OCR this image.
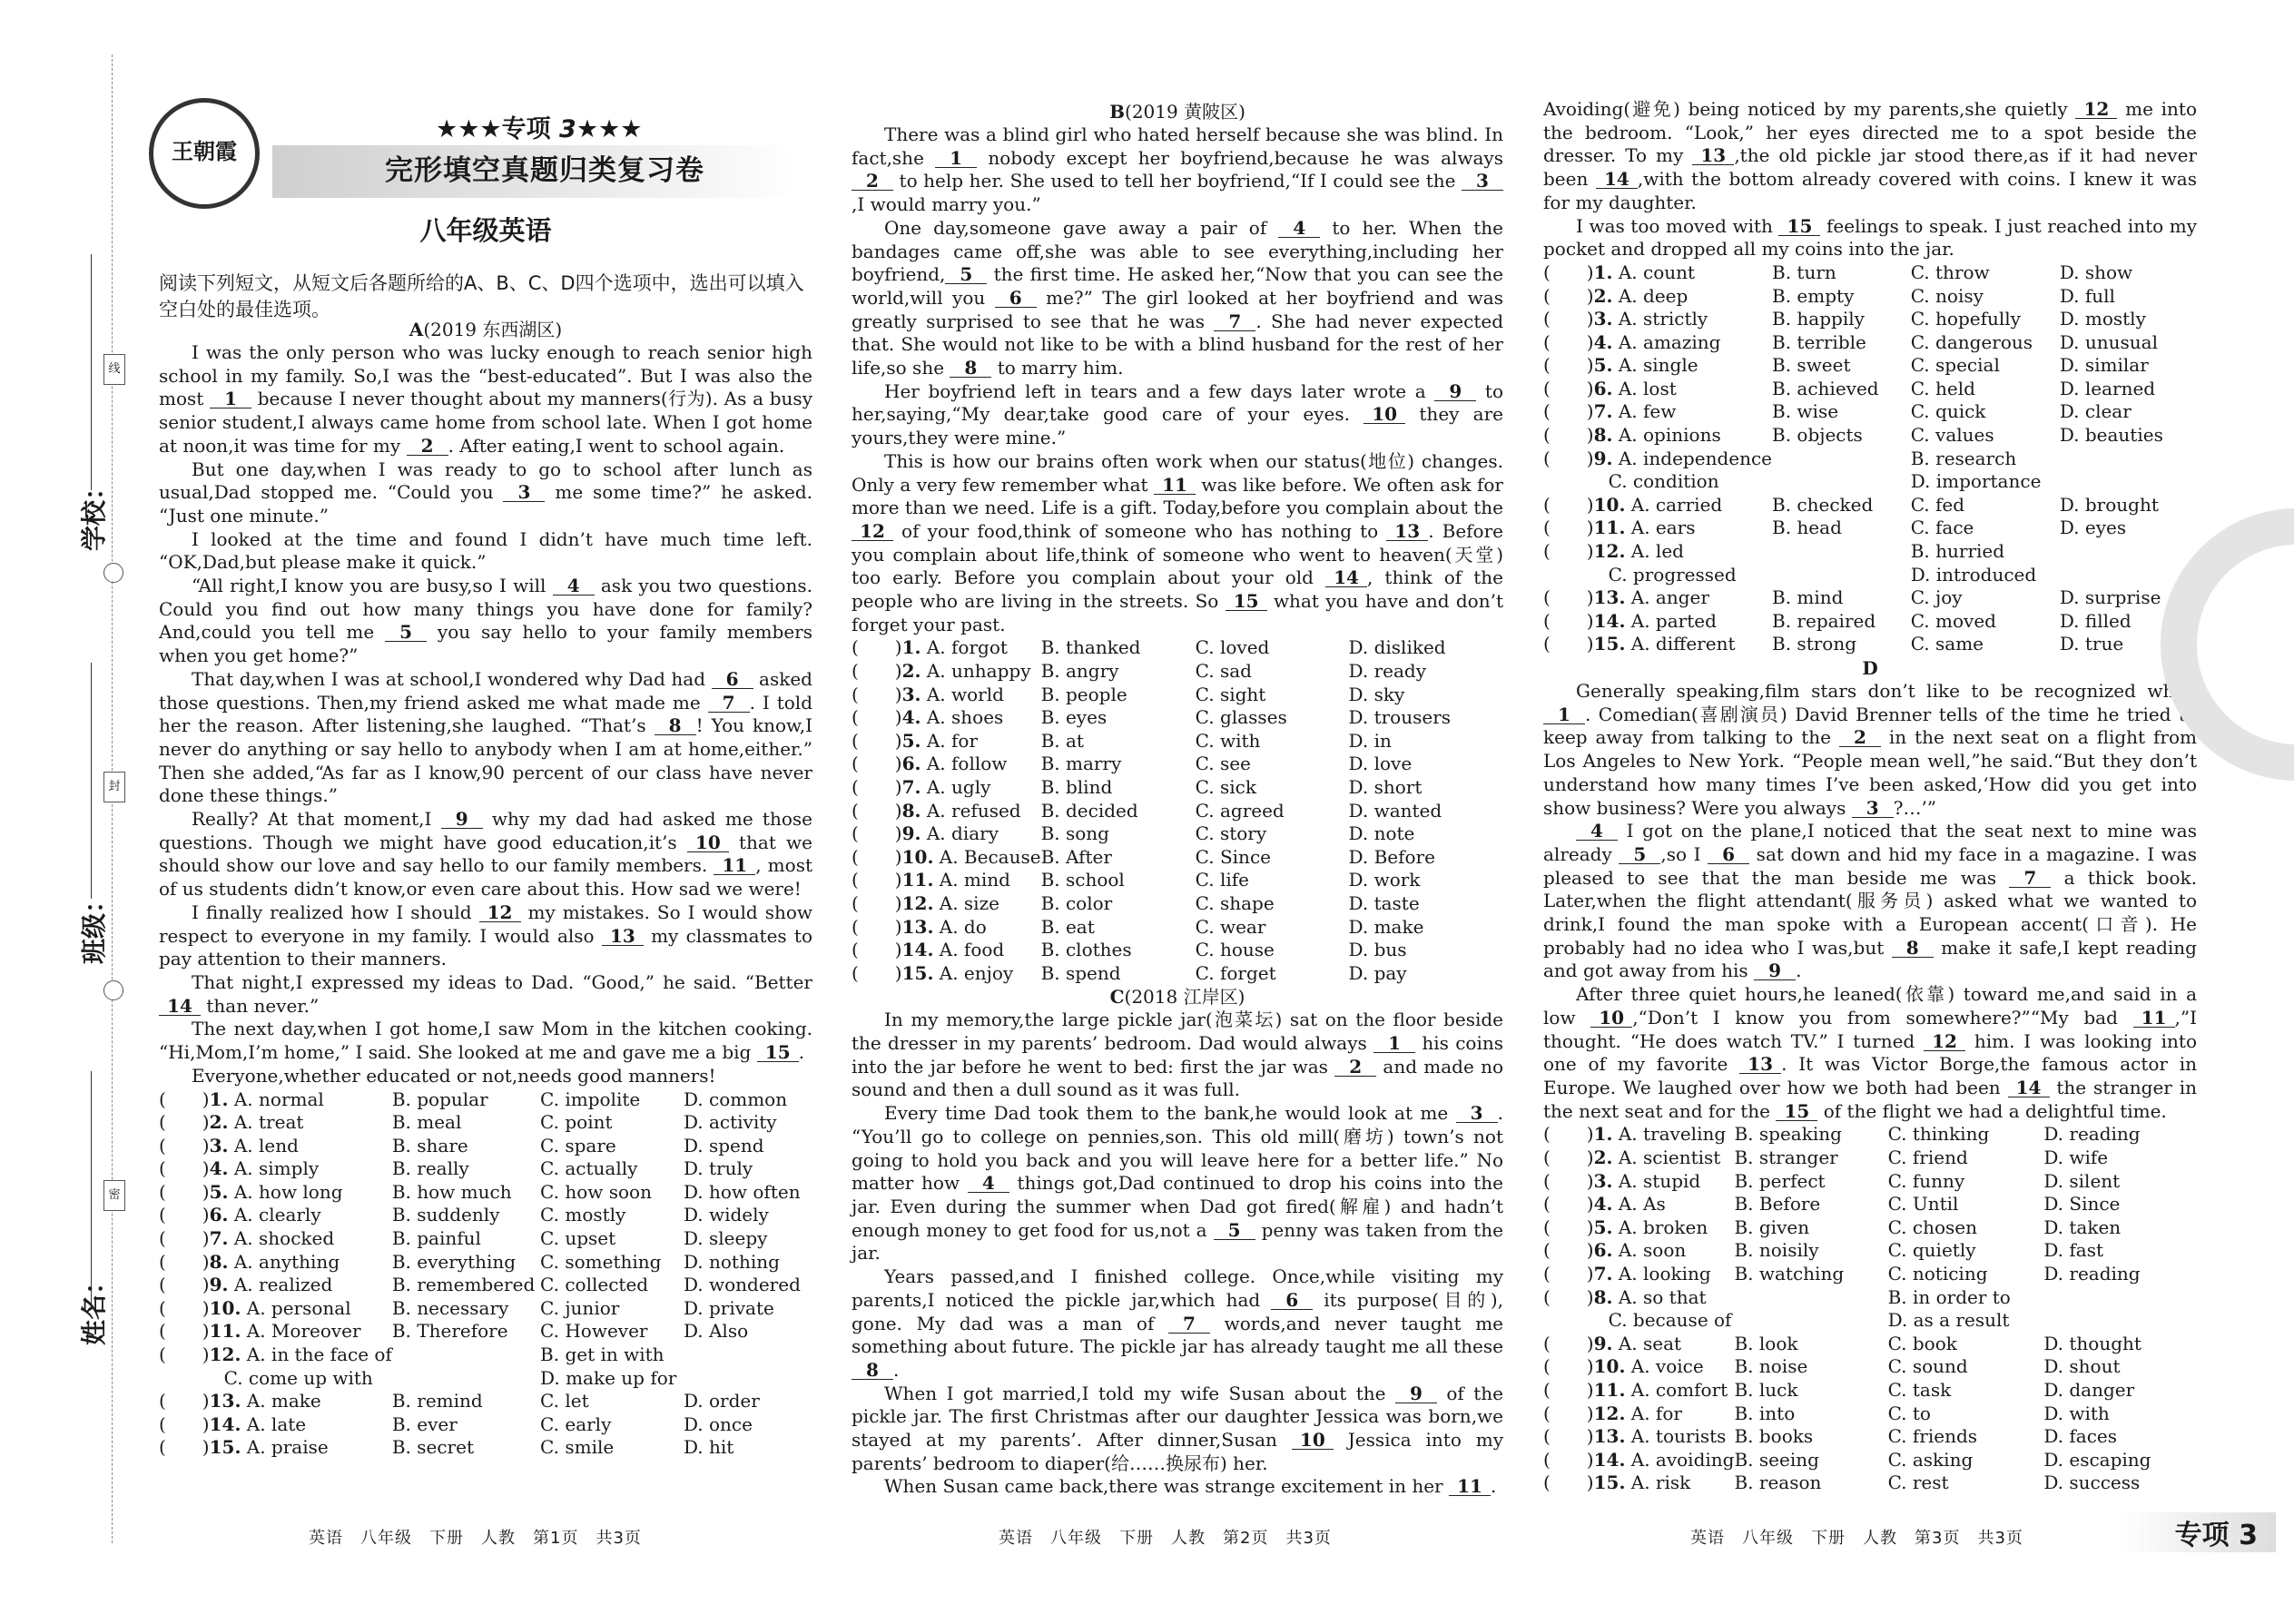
学校：
班级：
姓名：
线
封
密
王朝霞
★★★专项 3★★★
完形填空真题归类复习卷
八年级英语

阅读下列短文，从短文后各题所给的A、B、C、D四个选项中，选出可以填入空白处的最佳选项。

A(2019 东西湖区)

I was the only person who was lucky enough to reach senior high school in my family. So,I was the “best-educated”. But I was also the most 1 because I never thought about my manners(行为). As a busy senior student,I always came home from school late. When I got home at noon,it was time for my 2 . After eating,I went to school again.

But one day,when I was ready to go to school after lunch as usual,Dad stopped me. “Could you 3 me some time?” he asked. “Just one minute.”

I looked at the time and found I didn’t have much time left. “OK,Dad,but please make it quick.”

“All right,I know you are busy,so I will 4 ask you two questions. Could you find out how many things you have done for family? And,could you tell me 5 you say hello to your family members when you get home?”

That day,when I was at school,I wondered why Dad had 6 asked those questions. Then,my friend asked me what made me 7 . I told her the reason. After listening,she laughed. “That’s 8 ! You know,I never do anything or say hello to anybody when I am at home,either.” Then she added,“As far as I know,90 percent of our class have never done these things.”

Really? At that moment,I 9 why my dad had asked me those questions. Though we might have good education,it’s 10 that we should show our love and say hello to our family members. 11 , most of us students didn’t know,or even care about this. How sad we were!

I finally realized how I should 12 my mistakes. So I would show respect to everyone in my family. I would also 13 my classmates to pay attention to their manners.

That night,I expressed my ideas to Dad. “Good,” he said. “Better 14 than never.”

The next day,when I got home,I saw Mom in the kitchen cooking. “Hi,Mom,I’m home,” I said. She looked at me and gave me a big 15 .

Everyone,whether educated or not,needs good manners!

(　　)	1. A. normal	B. popular	C. impolite	D. common
(　　)	2. A. treat	B. meal	C. point	D. activity
(　　)	3. A. lend	B. share	C. spare	D. spend
(　　)	4. A. simply	B. really	C. actually	D. truly
(　　)	5. A. how long	B. how much	C. how soon	D. how often
(　　)	6. A. clearly	B. suddenly	C. mostly	D. widely
(　　)	7. A. shocked	B. painful	C. upset	D. sleepy
(　　)	8. A. anything	B. everything	C. something	D. nothing
(　　)	9. A. realized	B. remembered	C. collected	D. wondered
(　　)	10. A. personal	B. necessary	C. junior	D. private
(　　)	11. A. Moreover	B. Therefore	C. However	D. Also
(　　)	12. A. in the face of		B. get in with	
	C. come up with		D. make up for	
(　　)	13. A. make	B. remind	C. let	D. order
(　　)	14. A. late	B. ever	C. early	D. once
(　　)	15. A. praise	B. secret	C. smile	D. hit

B(2019 黄陂区)

There was a blind girl who hated herself because she was blind. In fact,she 1 nobody except her boyfriend,because he was always 2 to help her. She used to tell her boyfriend,“If I could see the 3,I would marry you.”

One day,someone gave away a pair of 4 to her. When the bandages came off,she was able to see everything,including her boyfriend, 5 the first time. He asked her,“Now that you can see the world,will you 6 me?” The girl looked at her boyfriend and was greatly surprised to see that he was 7 . She had never expected that. She would not like to be with a blind husband for the rest of her life,so she 8 to marry him.

Her boyfriend left in tears and a few days later wrote a 9 to her,saying,“My dear,take good care of your eyes. 10 they are yours,they were mine.”

This is how our brains often work when our status(地位) changes. Only a very few remember what 11 was like before. We often ask for more than we need. Life is a gift. Today,before you complain about the 12 of your food,think of someone who has nothing to 13 . Before you complain about life,think of someone who went to heaven(天堂) too early. Before you complain about your old 14 , think of the people who are living in the streets. So 15 what you have and don’t forget your past.

(　　)	1. A. forgot	B. thanked	C. loved	D. disliked
(　　)	2. A. unhappy	B. angry	C. sad	D. ready
(　　)	3. A. world	B. people	C. sight	D. sky
(　　)	4. A. shoes	B. eyes	C. glasses	D. trousers
(　　)	5. A. for	B. at	C. with	D. in
(　　)	6. A. follow	B. marry	C. see	D. love
(　　)	7. A. ugly	B. blind	C. sick	D. short
(　　)	8. A. refused	B. decided	C. agreed	D. wanted
(　　)	9. A. diary	B. song	C. story	D. note
(　　)	10. A. Because	B. After	C. Since	D. Before
(　　)	11. A. mind	B. school	C. life	D. work
(　　)	12. A. size	B. color	C. shape	D. taste
(　　)	13. A. do	B. eat	C. wear	D. make
(　　)	14. A. food	B. clothes	C. house	D. bus
(　　)	15. A. enjoy	B. spend	C. forget	D. pay

C(2018 江岸区)

In my memory,the large pickle jar(泡菜坛) sat on the floor beside the dresser in my parents’ bedroom. Dad would always 1 his coins into the jar before he went to bed: first the jar was 2 and made no sound and then a dull sound as it was full.

Every time Dad took them to the bank,he would look at me 3 . “You’ll go to college on pennies,son. This old mill(磨坊) town’s not going to hold you back and you will leave here for a better life.” No matter how 4 things got,Dad continued to drop his coins into the jar. Even during the summer when Dad got fired(解雇) and hadn’t enough money to get food for us,not a 5 penny was taken from the jar.

Years passed,and I finished college. Once,while visiting my parents,I noticed the pickle jar,which had 6 its purpose(目的), gone. My dad was a man of 7 words,and never taught me something about future. The pickle jar has already taught me all these 8 .

When I got married,I told my wife Susan about the 9 of the pickle jar. The first Christmas after our daughter Jessica was born,we stayed at my parents’. After dinner,Susan 10 Jessica into my parents’ bedroom to diaper(给……换尿布) her.

When Susan came back,there was strange excitement in her 11 .

Avoiding(避免) being noticed by my parents,she quietly 12 me into the bedroom. “Look,” her eyes directed me to a spot beside the dresser. To my 13 ,the old pickle jar stood there,as if it had never been 14 ,with the bottom already covered with coins. I knew it was for my daughter.

I was too moved with 15 feelings to speak. I just reached into my pocket and dropped all my coins into the jar.

(　　)	1. A. count	B. turn	C. throw	D. show
(　　)	2. A. deep	B. empty	C. noisy	D. full
(　　)	3. A. strictly	B. happily	C. hopefully	D. mostly
(　　)	4. A. amazing	B. terrible	C. dangerous	D. unusual
(　　)	5. A. single	B. sweet	C. special	D. similar
(　　)	6. A. lost	B. achieved	C. held	D. learned
(　　)	7. A. few	B. wise	C. quick	D. clear
(　　)	8. A. opinions	B. objects	C. values	D. beauties
(　　)	9. A. independence		B. research	
	C. condition		D. importance	
(　　)	10. A. carried	B. checked	C. fed	D. brought
(　　)	11. A. ears	B. head	C. face	D. eyes
(　　)	12. A. led		B. hurried	
	C. progressed		D. introduced	
(　　)	13. A. anger	B. mind	C. joy	D. surprise
(　　)	14. A. parted	B. repaired	C. moved	D. filled
(　　)	15. A. different	B. strong	C. same	D. true

D

Generally speaking,film stars don’t like to be recognized while 1 . Comedian(喜剧演员) David Brenner tells of the time he tried to keep away from talking to the 2 in the next seat on a flight from Los Angeles to New York. “People mean well,”he said.“But they don’t understand how many times I’ve been asked,‘How did you get into show business? Were you always 3 ?…’”

4 I got on the plane,I noticed that the seat next to mine was already 5 ,so I 6 sat down and hid my face in a magazine. I was pleased to see that the man beside me was 7 a thick book. Later,when the flight attendant(服务员) asked what we wanted to drink,I found the man spoke with a European accent(口音). He probably had no idea who I was,but 8 make it safe,I kept reading and got away from his 9 .

After three quiet hours,he leaned(依靠) toward me,and said in a low 10 ,“Don’t I know you from somewhere?”“My bad 11 ,”I thought. “He does watch TV.” I turned 12 him. I was looking into one of my favorite 13 . It was Victor Borge,the famous actor in Europe. We laughed over how we both had been 14 the stranger in the next seat and for the 15 of the flight we had a delightful time.

(　　)	1. A. traveling	B. speaking	C. thinking	D. reading
(　　)	2. A. scientist	B. stranger	C. friend	D. wife
(　　)	3. A. stupid	B. perfect	C. funny	D. silent
(　　)	4. A. As	B. Before	C. Until	D. Since
(　　)	5. A. broken	B. given	C. chosen	D. taken
(　　)	6. A. soon	B. noisily	C. quietly	D. fast
(　　)	7. A. looking	B. watching	C. noticing	D. reading
(　　)	8. A. so that		B. in order to	
	C. because of		D. as a result	
(　　)	9. A. seat	B. look	C. book	D. thought
(　　)	10. A. voice	B. noise	C. sound	D. shout
(　　)	11. A. comfort	B. luck	C. task	D. danger
(　　)	12. A. for	B. into	C. to	D. with
(　　)	13. A. tourists	B. books	C. friends	D. faces
(　　)	14. A. avoiding	B. seeing	C. asking	D. escaping
(　　)	15. A. risk	B. reason	C. rest	D. success
英语　八年级　下册　人教　第1页　共3页	英语　八年级　下册　人教　第2页　共3页	英语　八年级　下册　人教　第3页　共3页	专项 3
